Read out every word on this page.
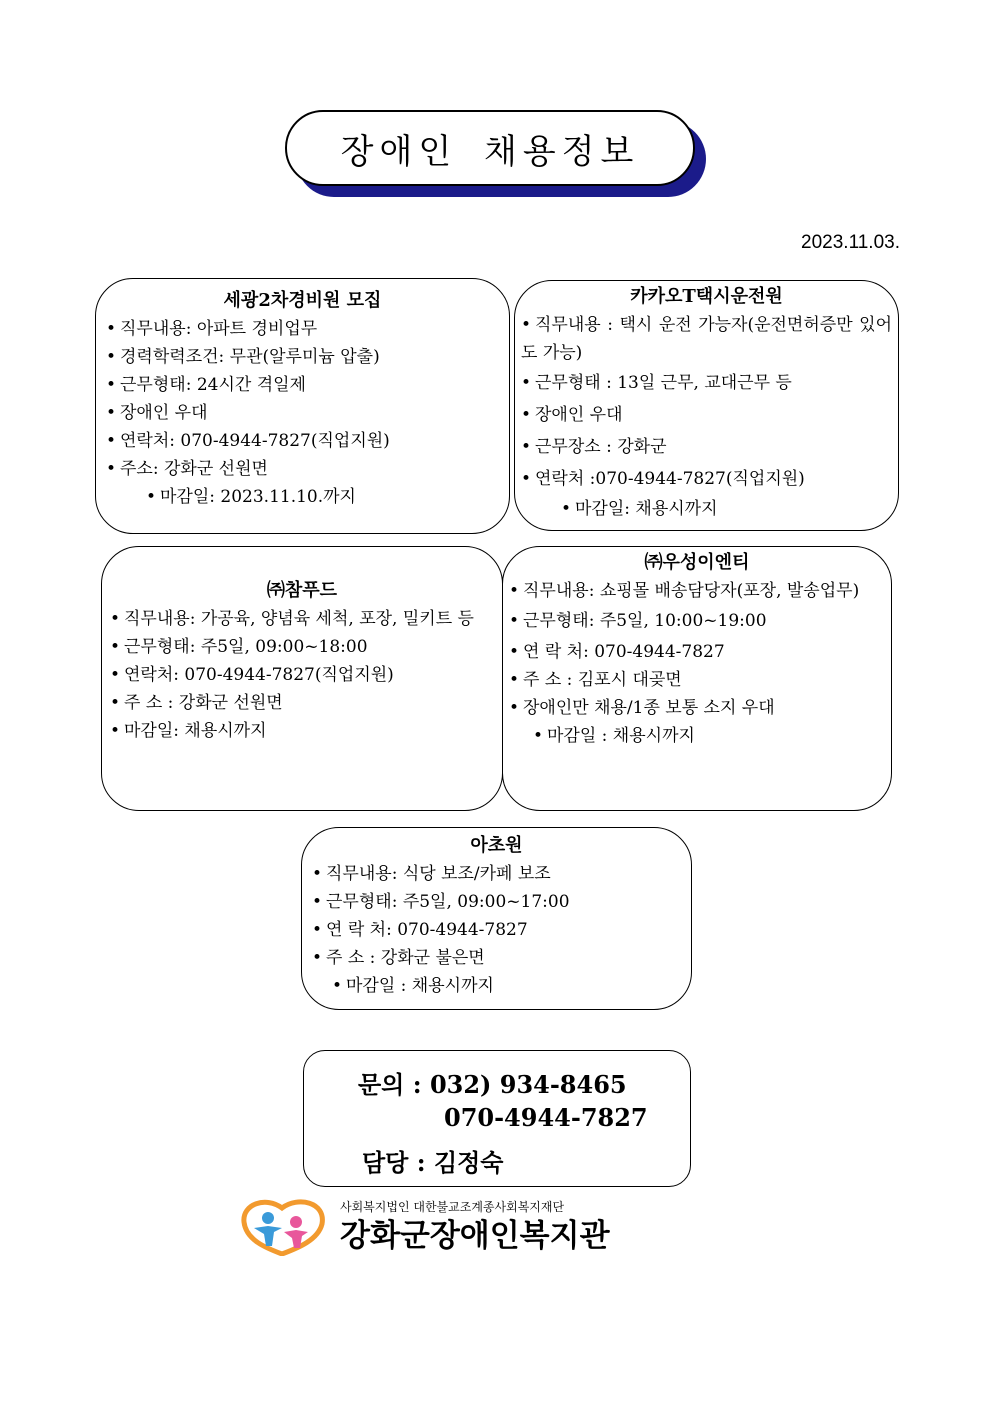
장애인 채용정보
2023.11.03.
세광2차경비원 모집
• 직무내용: 아파트 경비업무
• 경력학력조건: 무관(알루미늄 압출)
• 근무형태: 24시간 격일제
• 장애인 우대
• 연락처: 070-4944-7827(직업지원)
• 주소: 강화군 선원면
• 마감일: 2023.11.10.까지
카카오T택시운전원
• 직무내용 : 택시 운전 가능자(운전면허증만 있어도 가능)
• 근무형태 : 13일 근무, 교대근무 등
• 장애인 우대
• 근무장소 : 강화군
• 연락처 :070-4944-7827(직업지원)
• 마감일: 채용시까지
㈜참푸드
• 직무내용: 가공육, 양념육 세척, 포장, 밀키트 등
• 근무형태: 주5일, 09:00~18:00
• 연락처: 070-4944-7827(직업지원)
• 주 소 : 강화군 선원면
• 마감일: 채용시까지
㈜우성이엔티
• 직무내용: 쇼핑몰 배송담당자(포장, 발송업무)
• 근무형태: 주5일, 10:00~19:00
• 연 락 처: 070-4944-7827
• 주 소 : 김포시 대곶면
• 장애인만 채용/1종 보통 소지 우대
• 마감일 : 채용시까지
아초원
• 직무내용: 식당 보조/카페 보조
• 근무형태: 주5일, 09:00~17:00
• 연 락 처: 070-4944-7827
• 주 소 : 강화군 불은면
• 마감일 : 채용시까지
문의 : 032) 934-8465
070-4944-7827
담당 : 김정숙
사회복지법인 대한불교조계종사회복지재단
강화군장애인복지관
